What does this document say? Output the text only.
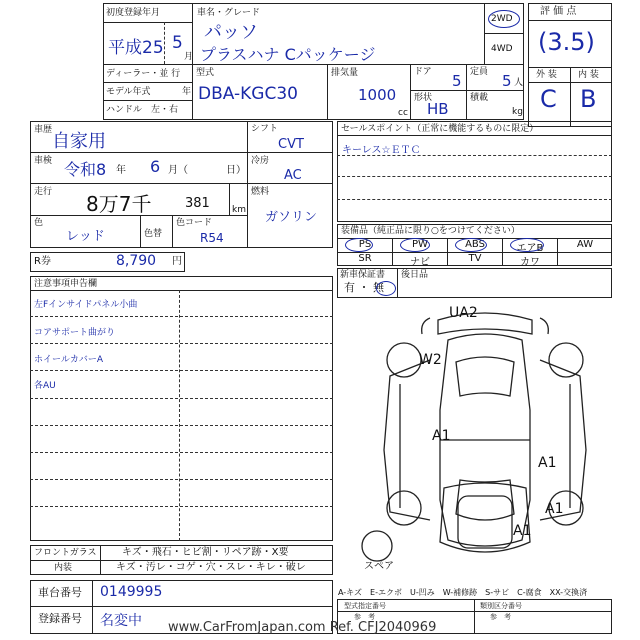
初度登録年月
平成25 5
月
車名・グレード
パッソ
プラスハナ Cパッケージ
2WD
4WD
ディーラー・並 行
モデル年式	年
ハンドル　左・右
型式
DBA-KGC30
排気量
1000
cc
ドア 5
形状
HB
定員 5 人
積載
kg
評 価 点
(3.5)
外 装 内 装
C B
車歴
自家用
車検 令和8 年 6 月（	日）
走行 8万7千	381 km
色
レッド	色替
色コード
R54
シフト
CVT
冷房
AC
燃料
ガソリン
R券	8,790 円
セールスポイント（正常に機能するものに限定）
キーレス☆ＥＴＣ
装備品（純正品に限り○をつけてください）
PS	PW	ABS	エアB	AW
SR	ナビ	TV	カワ
新車保証書
有 ・ 無
後日品
注意事項申告欄
左Fインサイドパネル小曲
コアサポート曲がり
ホイールカバーA
各AU
UA2
W2
A1
A1
A1
A1
スペア
フロントガラス	キズ・飛石・ヒビ割・リペア跡・X要
内装	キズ・汚レ・コゲ・穴・スレ・キレ・破レ
車台番号 0149995
登録番号 名変中
A-キズ　E-エクボ　U-凹み　W-補修跡　S-サビ　C-腐食　XX-交換済
型式指定番号
参　考
類別区分番号
参　考
www.CarFromJapan.com Ref. CFJ2040969
